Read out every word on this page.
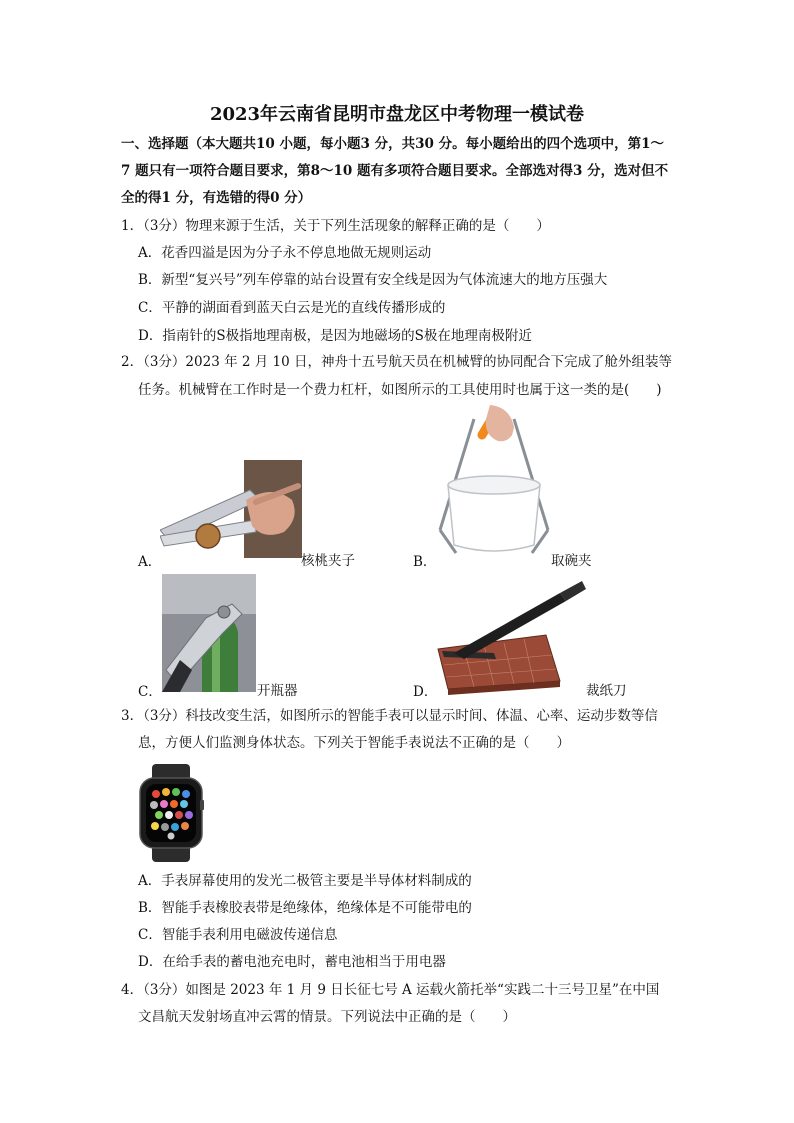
2023年云南省昆明市盘龙区中考物理一模试卷
一、选择题（本大题共10 小题，每小题3 分，共30 分。每小题给出的四个选项中，第1～
7 题只有一项符合题目要求，第8～10 题有多项符合题目要求。全部选对得3 分，选对但不
全的得1 分，有选错的得0 分）
1．（3分）物理来源于生活，关于下列生活现象的解释正确的是（　　）
A．花香四溢是因为分子永不停息地做无规则运动
B．新型“复兴号”列车停靠的站台设置有安全线是因为气体流速大的地方压强大
C．平静的湖面看到蓝天白云是光的直线传播形成的
D．指南针的S极指地理南极，是因为地磁场的S极在地理南极附近
2．（3分）2023 年 2 月 10 日，神舟十五号航天员在机械臂的协同配合下完成了舱外组装等
任务。机械臂在工作时是一个费力杠杆，如图所示的工具使用时也属于这一类的是(　　)
A．	核桃夹子	B．	取碗夹
C．	开瓶器	D．	裁纸刀
3．（3分）科技改变生活，如图所示的智能手表可以显示时间、体温、心率、运动步数等信
息，方便人们监测身体状态。下列关于智能手表说法不正确的是（　　）
A．手表屏幕使用的发光二极管主要是半导体材料制成的
B．智能手表橡胶表带是绝缘体，绝缘体是不可能带电的
C．智能手表利用电磁波传递信息
D．在给手表的蓄电池充电时，蓄电池相当于用电器
4．（3分）如图是 2023 年 1 月 9 日长征七号 A 运载火箭托举“实践二十三号卫星”在中国
文昌航天发射场直冲云霄的情景。下列说法中正确的是（　　）
